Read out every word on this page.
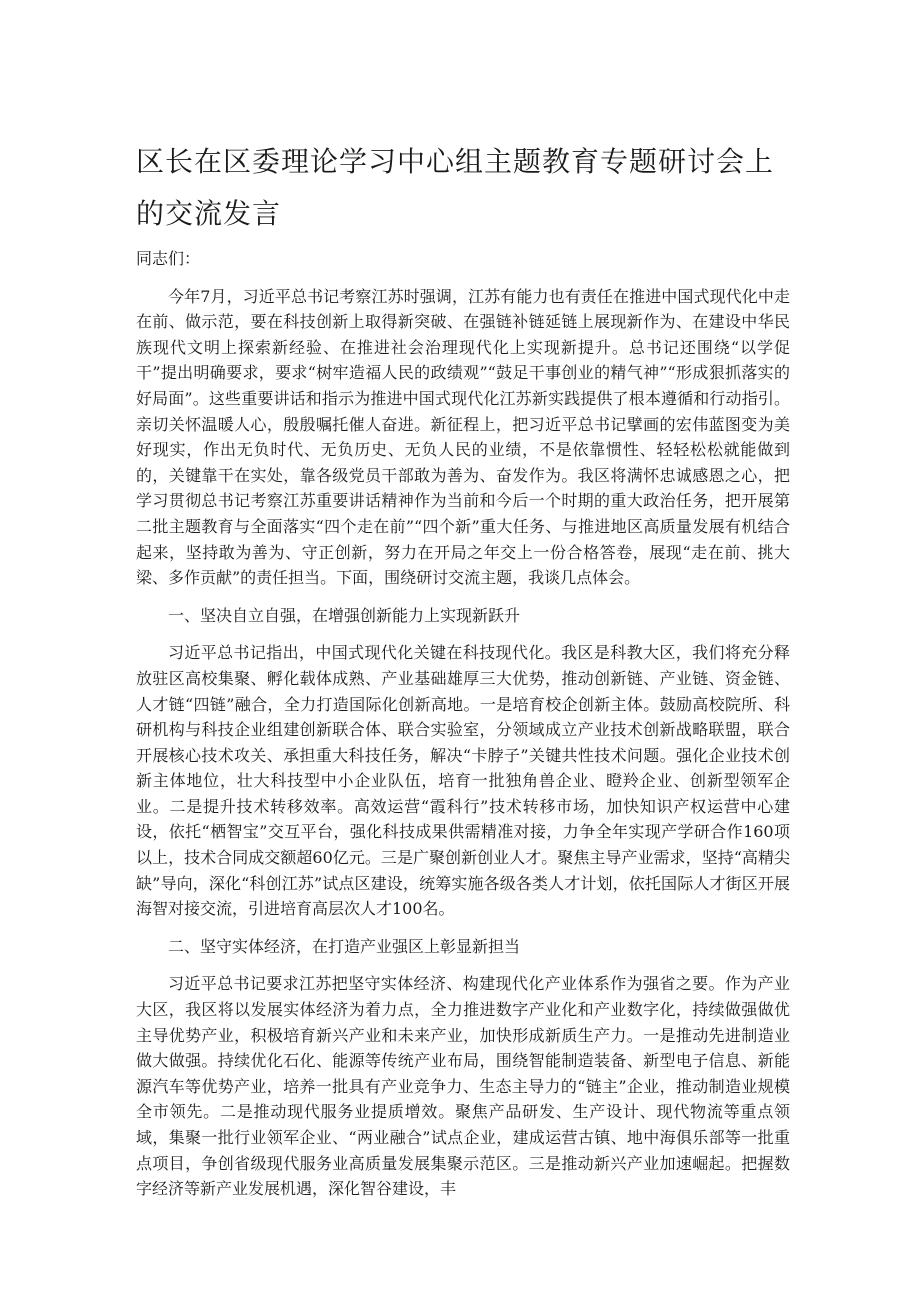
区长在区委理论学习中心组主题教育专题研讨会上的交流发言

同志们：

今年7月，习近平总书记考察江苏时强调，江苏有能力也有责任在推进中国式现代化中走在前、做示范，要在科技创新上取得新突破、在强链补链延链上展现新作为、在建设中华民族现代文明上探索新经验、在推进社会治理现代化上实现新提升。总书记还围绕“以学促干”提出明确要求，要求“树牢造福人民的政绩观”“鼓足干事创业的精气神”“形成狠抓落实的好局面”。这些重要讲话和指示为推进中国式现代化江苏新实践提供了根本遵循和行动指引。亲切关怀温暖人心，殷殷嘱托催人奋进。新征程上，把习近平总书记擘画的宏伟蓝图变为美好现实，作出无负时代、无负历史、无负人民的业绩，不是依靠惯性、轻轻松松就能做到的，关键靠干在实处，靠各级党员干部敢为善为、奋发作为。我区将满怀忠诚感恩之心，把学习贯彻总书记考察江苏重要讲话精神作为当前和今后一个时期的重大政治任务，把开展第二批主题教育与全面落实“四个走在前”“四个新”重大任务、与推进地区高质量发展有机结合起来，坚持敢为善为、守正创新，努力在开局之年交上一份合格答卷，展现“走在前、挑大梁、多作贡献”的责任担当。下面，围绕研讨交流主题，我谈几点体会。

一、坚决自立自强，在增强创新能力上实现新跃升

习近平总书记指出，中国式现代化关键在科技现代化。我区是科教大区，我们将充分释放驻区高校集聚、孵化载体成熟、产业基础雄厚三大优势，推动创新链、产业链、资金链、人才链“四链”融合，全力打造国际化创新高地。一是培育校企创新主体。鼓励高校院所、科研机构与科技企业组建创新联合体、联合实验室，分领域成立产业技术创新战略联盟，联合开展核心技术攻关、承担重大科技任务，解决“卡脖子”关键共性技术问题。强化企业技术创新主体地位，壮大科技型中小企业队伍，培育一批独角兽企业、瞪羚企业、创新型领军企业。二是提升技术转移效率。高效运营“霞科行”技术转移市场，加快知识产权运营中心建设，依托“栖智宝”交互平台，强化科技成果供需精准对接，力争全年实现产学研合作160项以上，技术合同成交额超60亿元。三是广聚创新创业人才。聚焦主导产业需求，坚持“高精尖缺”导向，深化“科创江苏”试点区建设，统筹实施各级各类人才计划，依托国际人才街区开展海智对接交流，引进培育高层次人才100名。

二、坚守实体经济，在打造产业强区上彰显新担当

习近平总书记要求江苏把坚守实体经济、构建现代化产业体系作为强省之要。作为产业大区，我区将以发展实体经济为着力点，全力推进数字产业化和产业数字化，持续做强做优主导优势产业，积极培育新兴产业和未来产业，加快形成新质生产力。一是推动先进制造业做大做强。持续优化石化、能源等传统产业布局，围绕智能制造装备、新型电子信息、新能源汽车等优势产业，培养一批具有产业竞争力、生态主导力的“链主”企业，推动制造业规模全市领先。二是推动现代服务业提质增效。聚焦产品研发、生产设计、现代物流等重点领域，集聚一批行业领军企业、“两业融合”试点企业，建成运营古镇、地中海俱乐部等一批重点项目，争创省级现代服务业高质量发展集聚示范区。三是推动新兴产业加速崛起。把握数字经济等新产业发展机遇，深化智谷建设，丰
